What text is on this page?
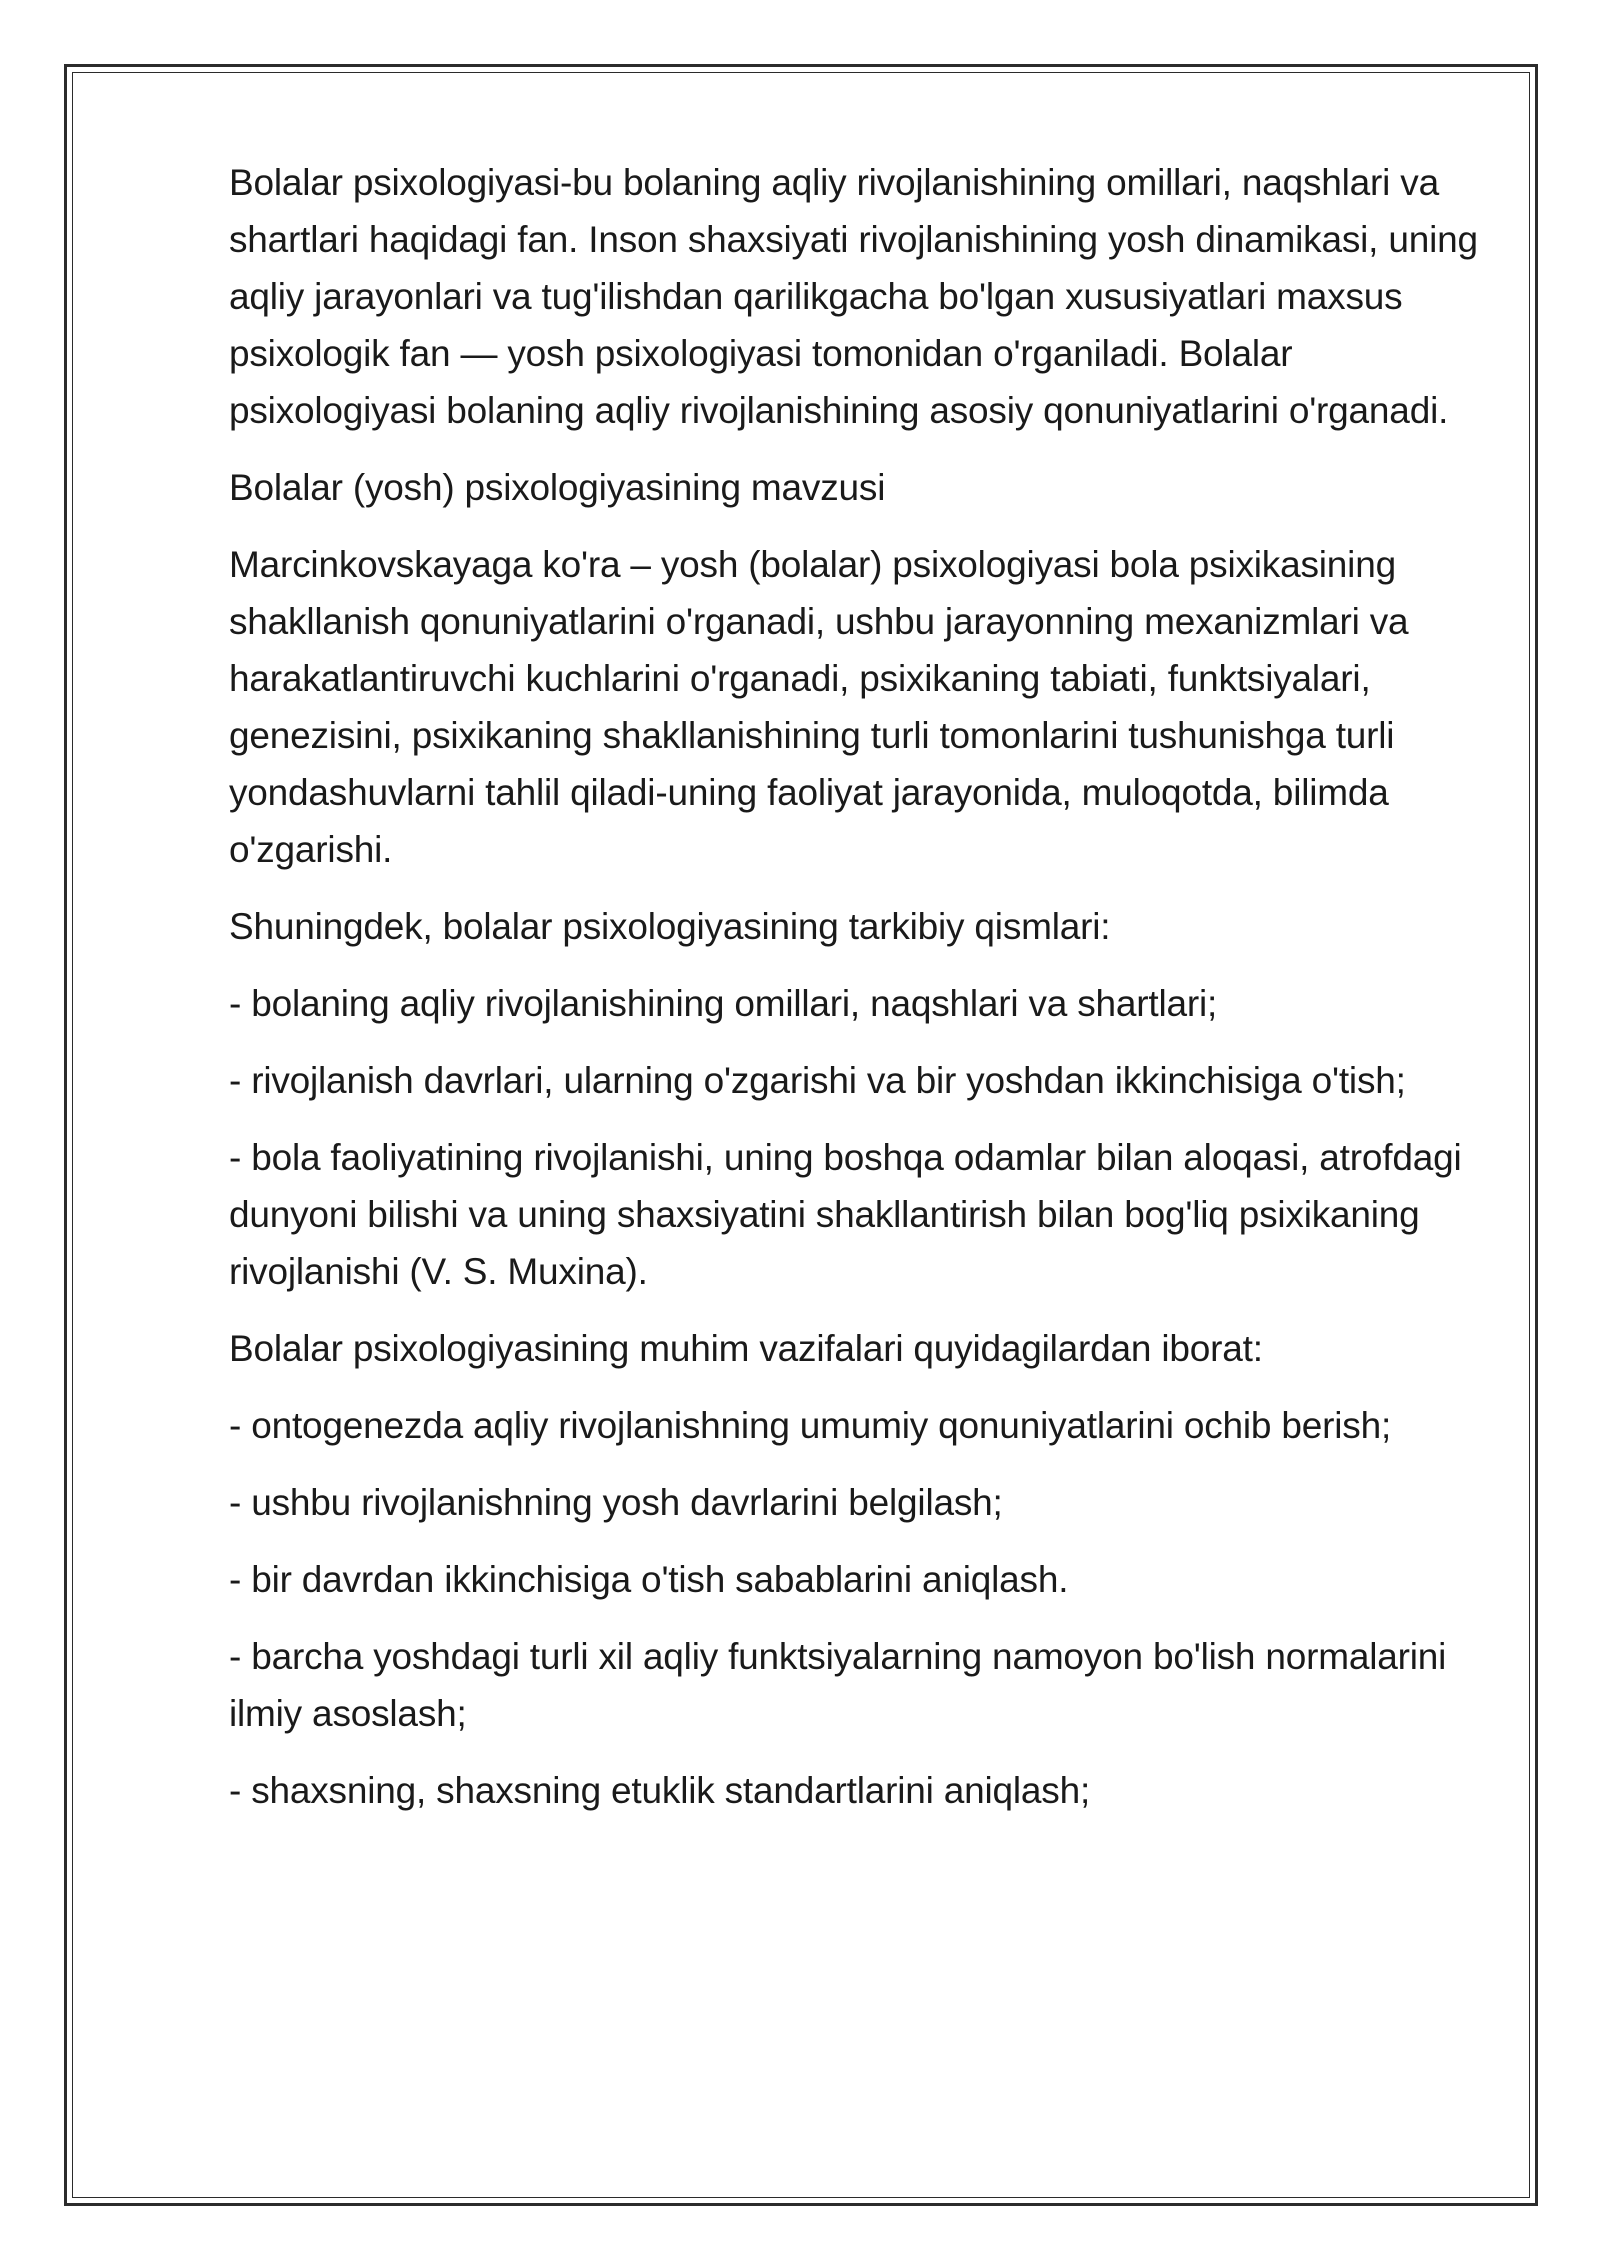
Bolalar psixologiyasi-bu bolaning aqliy rivojlanishining omillari, naqshlari va shartlari haqidagi fan. Inson shaxsiyati rivojlanishining yosh dinamikasi, uning aqliy jarayonlari va tug'ilishdan qarilikgacha bo'lgan xususiyatlari maxsus psixologik fan — yosh psixologiyasi tomonidan o'rganiladi. Bolalar psixologiyasi bolaning aqliy rivojlanishining asosiy qonuniyatlarini o'rganadi.

Bolalar (yosh) psixologiyasining mavzusi

Marcinkovskayaga ko'ra – yosh (bolalar) psixologiyasi bola psixikasining shakllanish qonuniyatlarini o'rganadi, ushbu jarayonning mexanizmlari va harakatlantiruvchi kuchlarini o'rganadi, psixikaning tabiati, funktsiyalari, genezisini, psixikaning shakllanishining turli tomonlarini tushunishga turli yondashuvlarni tahlil qiladi-uning faoliyat jarayonida, muloqotda, bilimda o'zgarishi.

Shuningdek, bolalar psixologiyasining tarkibiy qismlari:

- bolaning aqliy rivojlanishining omillari, naqshlari va shartlari;

- rivojlanish davrlari, ularning o'zgarishi va bir yoshdan ikkinchisiga o'tish;

- bola faoliyatining rivojlanishi, uning boshqa odamlar bilan aloqasi, atrofdagi dunyoni bilishi va uning shaxsiyatini shakllantirish bilan bog'liq psixikaning rivojlanishi (V. S. Muxina).

Bolalar psixologiyasining muhim vazifalari quyidagilardan iborat:

- ontogenezda aqliy rivojlanishning umumiy qonuniyatlarini ochib berish;

- ushbu rivojlanishning yosh davrlarini belgilash;

- bir davrdan ikkinchisiga o'tish sabablarini aniqlash.

- barcha yoshdagi turli xil aqliy funktsiyalarning namoyon bo'lish normalarini ilmiy asoslash;

- shaxsning, shaxsning etuklik standartlarini aniqlash;
